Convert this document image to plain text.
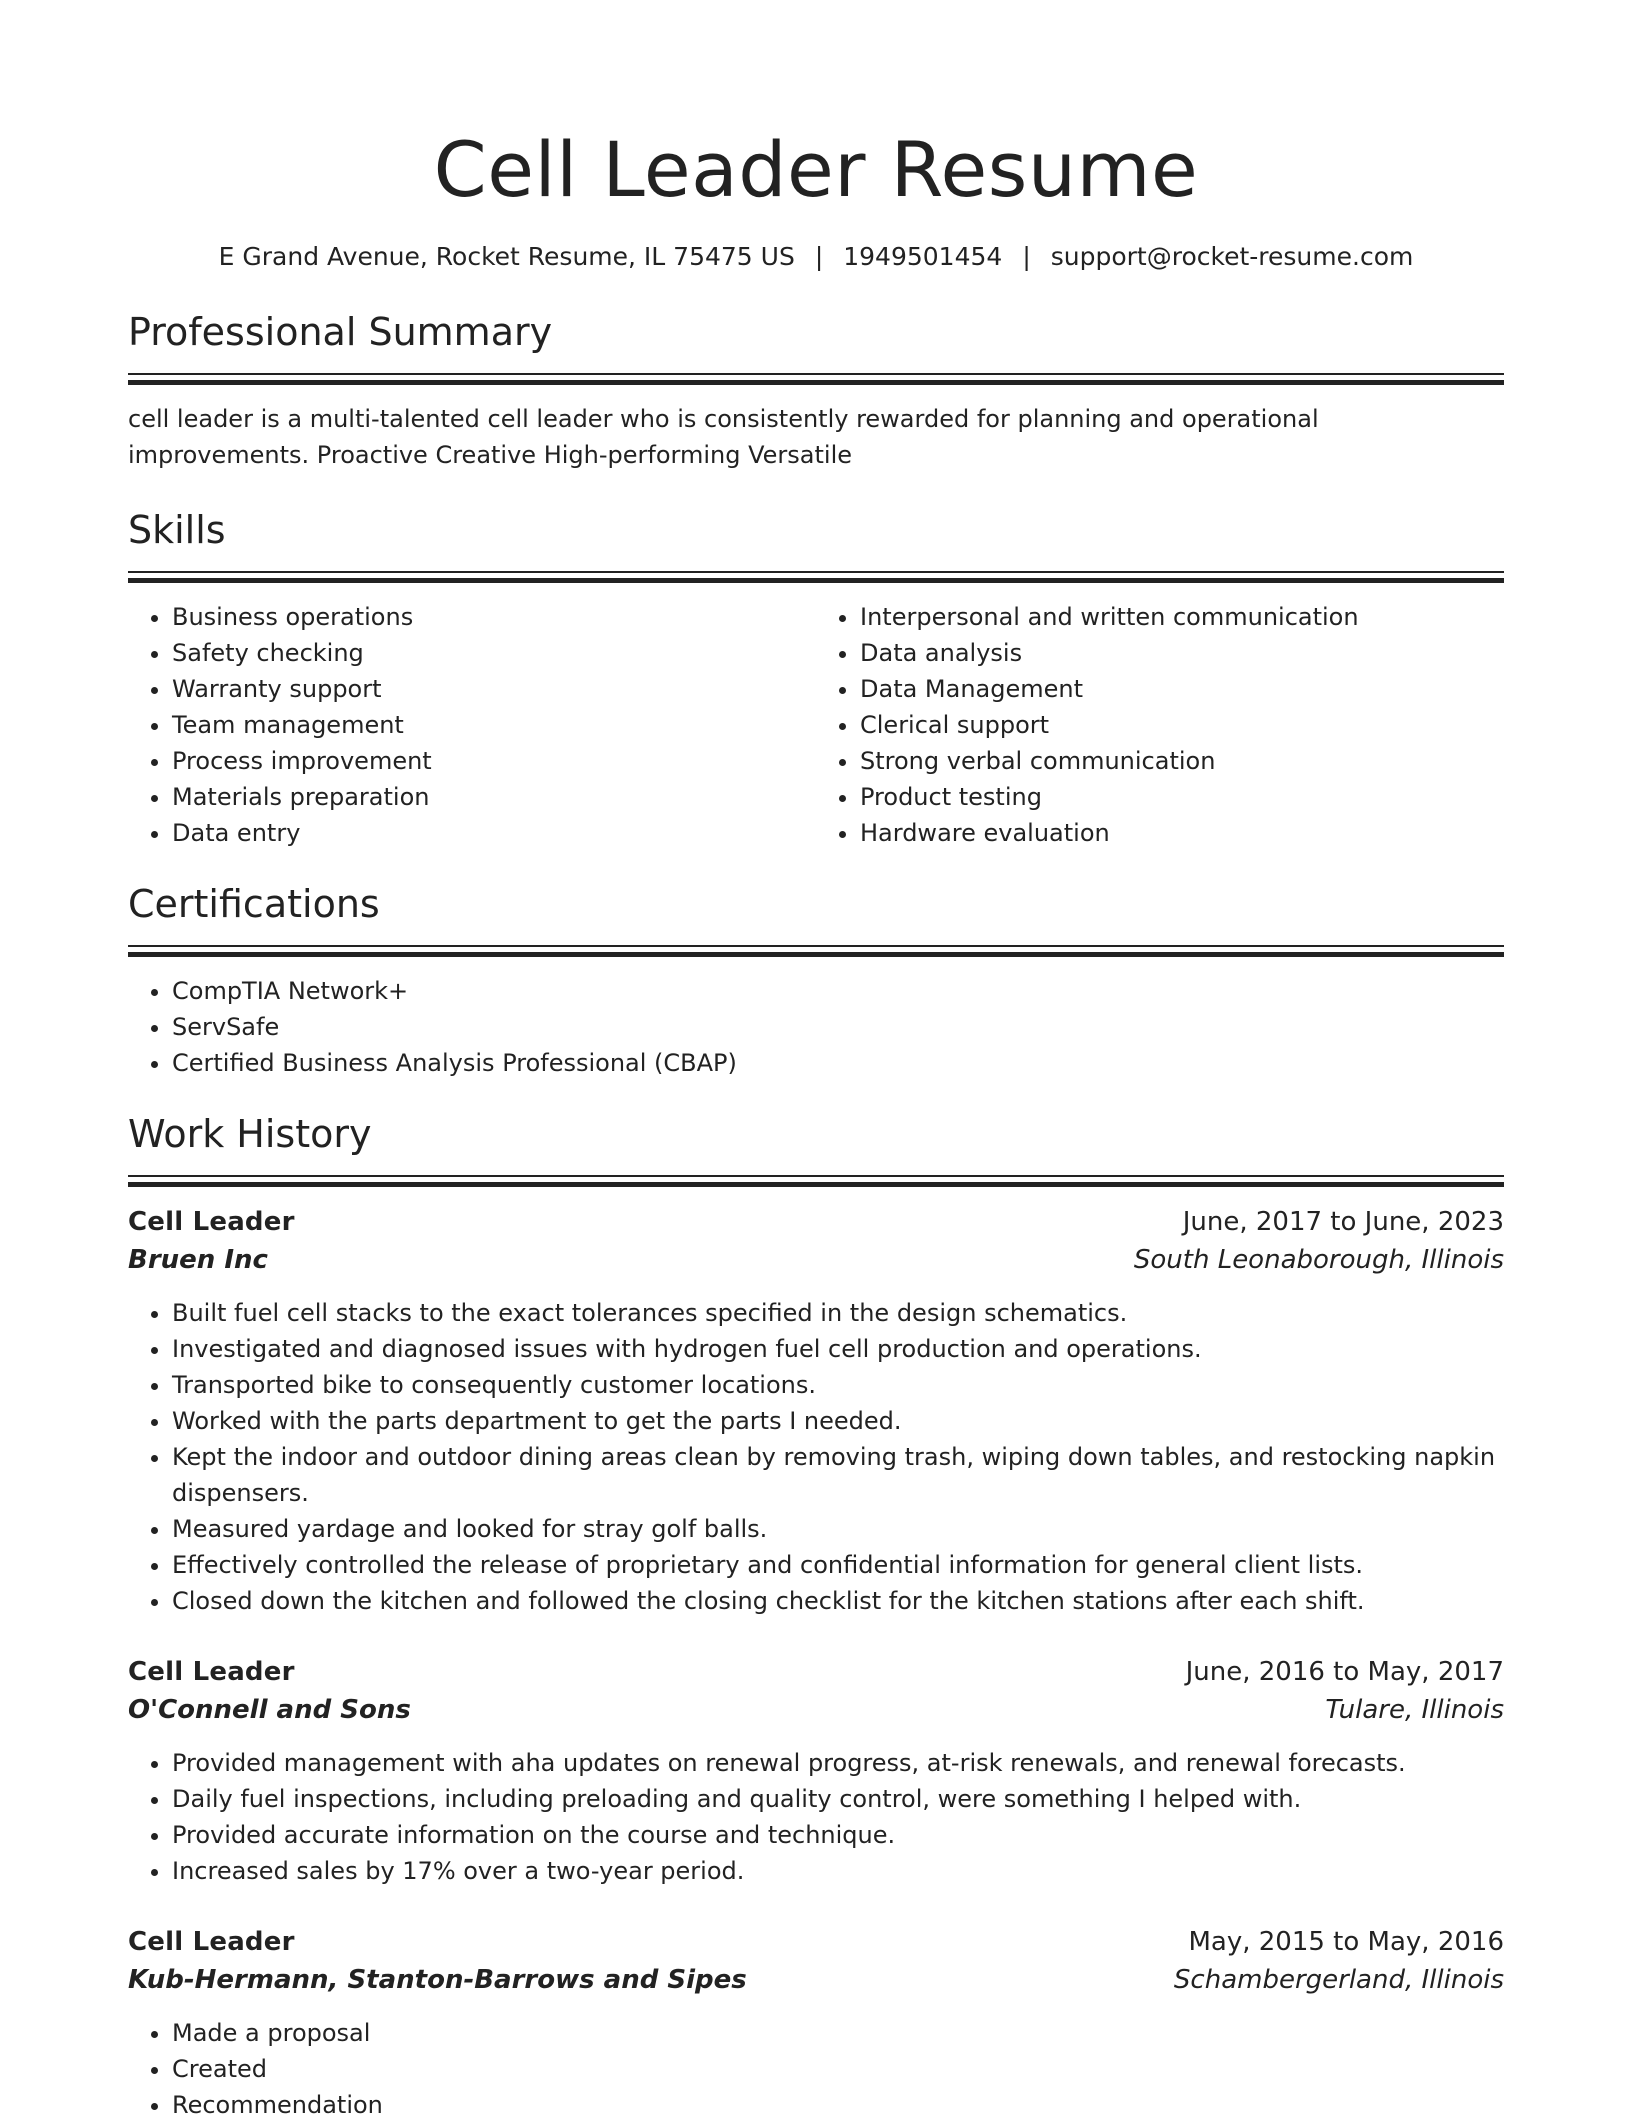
Cell Leader Resume
E Grand Avenue, Rocket Resume, IL 75475 US | 1949501454 | support@rocket-resume.com
Professional Summary
cell leader is a multi-talented cell leader who is consistently rewarded for planning and operational improvements. Proactive Creative High-performing Versatile
Skills
• Business operations
• Safety checking
• Warranty support
• Team management
• Process improvement
• Materials preparation
• Data entry
• Interpersonal and written communication
• Data analysis
• Data Management
• Clerical support
• Strong verbal communication
• Product testing
• Hardware evaluation
Certifications
• CompTIA Network+
• ServSafe
• Certified Business Analysis Professional (CBAP)
Work History
Cell Leader	June, 2017 to June, 2023
Bruen Inc	South Leonaborough, Illinois
• Built fuel cell stacks to the exact tolerances specified in the design schematics.
• Investigated and diagnosed issues with hydrogen fuel cell production and operations.
• Transported bike to consequently customer locations.
• Worked with the parts department to get the parts I needed.
• Kept the indoor and outdoor dining areas clean by removing trash, wiping down tables, and restocking napkin dispensers.
• Measured yardage and looked for stray golf balls.
• Effectively controlled the release of proprietary and confidential information for general client lists.
• Closed down the kitchen and followed the closing checklist for the kitchen stations after each shift.
Cell Leader	June, 2016 to May, 2017
O'Connell and Sons	Tulare, Illinois
• Provided management with aha updates on renewal progress, at-risk renewals, and renewal forecasts.
• Daily fuel inspections, including preloading and quality control, were something I helped with.
• Provided accurate information on the course and technique.
• Increased sales by 17% over a two-year period.
Cell Leader	May, 2015 to May, 2016
Kub-Hermann, Stanton-Barrows and Sipes	Schambergerland, Illinois
• Made a proposal
• Created
• Recommendation
